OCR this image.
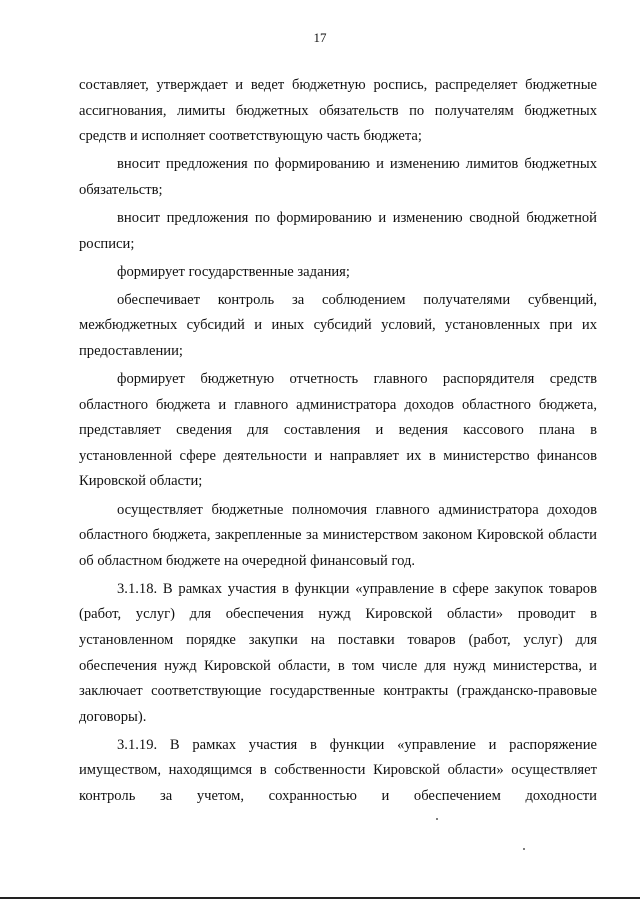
17

составляет, утверждает и ведет бюджетную роспись, распределяет бюджетные ассигнования, лимиты бюджетных обязательств по получателям бюджетных средств и исполняет соответствующую часть бюджета;

вносит предложения по формированию и изменению лимитов бюджетных обязательств;

вносит предложения по формированию и изменению сводной бюджетной росписи;

формирует государственные задания;

обеспечивает контроль за соблюдением получателями субвенций, межбюджетных субсидий и иных субсидий условий, установленных при их предоставлении;

формирует бюджетную отчетность главного распорядителя средств областного бюджета и главного администратора доходов областного бюджета, представляет сведения для составления и ведения кассового плана в установленной сфере деятельности и направляет их в министерство финансов Кировской области;

осуществляет бюджетные полномочия главного администратора доходов областного бюджета, закрепленные за министерством законом Кировской области об областном бюджете на очередной финансовый год.

3.1.18. В рамках участия в функции «управление в сфере закупок товаров (работ, услуг) для обеспечения нужд Кировской области» проводит в установленном порядке закупки на поставки товаров (работ, услуг) для обеспечения нужд Кировской области, в том числе для нужд министерства, и заключает соответствующие государственные контракты (гражданско-правовые договоры).

3.1.19. В рамках участия в функции «управление и распоряжение имуществом, находящимся в собственности Кировской области» осуществляет контроль за учетом, сохранностью и обеспечением доходности
